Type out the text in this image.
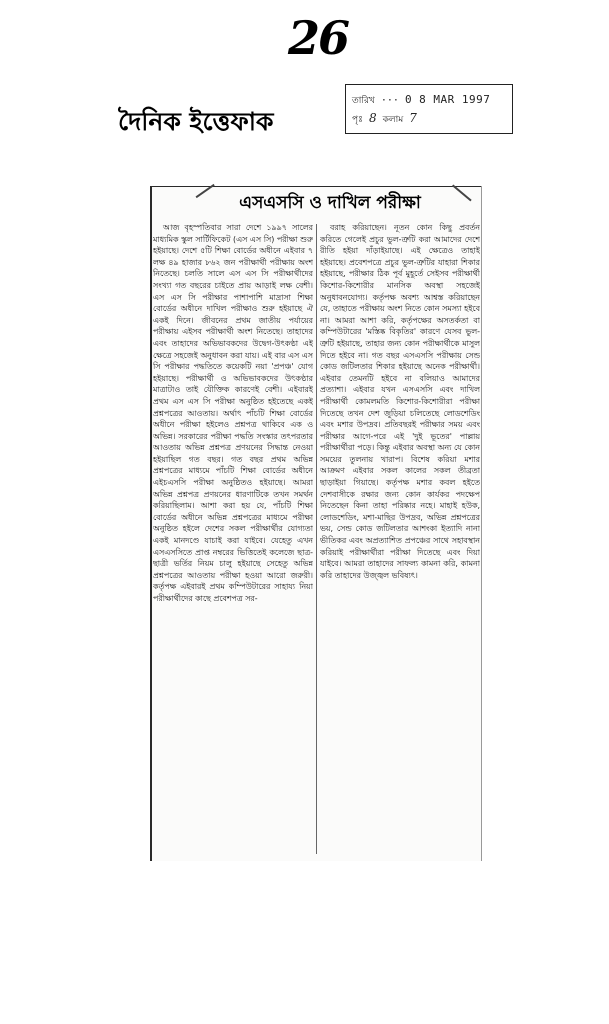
26
দৈনিক ইত্তেফাক
তারিখ ··· 0 8 MAR 1997
পৃঃ 8 কলাম 7
এসএসসি ও দাখিল পরীক্ষা

আজ বৃহস্পতিবার সারা দেশে ১৯৯৭ সালের মাধ্যমিক স্কুল সার্টিফিকেট (এস এস সি) পরীক্ষা শুরু হইয়াছে। দেশে ৫টি শিক্ষা বোর্ডের অধীনে এইবার ৭ লক্ষ ৪৯ হাজার ৮৬২ জন পরীক্ষার্থী পরীক্ষায় অংশ নিতেছে। চলতি সালে এস এস সি পরীক্ষার্থীদের সংখ্যা গত বছরের চাইতে প্রায় আড়াই লক্ষ বেশী। এস এস সি পরীক্ষার পাশাপাশি মাদ্রাসা শিক্ষা বোর্ডের অধীনে দাখিল পরীক্ষাও শুরু হইয়াছে ঐ একই দিনে। জীবনের প্রথম জাতীয় পর্যায়ের পরীক্ষায় এইসব পরীক্ষার্থী অংশ নিতেছে। তাহাদের এবং তাহাদের অভিভাবকদের উদ্বেগ-উৎকণ্ঠা এই ক্ষেত্রে সহজেই অনুধাবন করা যায়। এই বার এস এস সি পরীক্ষার পদ্ধতিতে কয়েকটি নয়া 'প্রপঞ্চ' যোগ হইয়াছে। পরীক্ষার্থী ও অভিভাবকদের উৎকণ্ঠার মাত্রাটাও তাই যৌক্তিক কারণেই বেশী। এইবারই প্রথম এস এস সি পরীক্ষা অনুষ্ঠিত হইতেছে একই প্রশ্নপত্রের আওতায়। অর্থাৎ পাঁচটি শিক্ষা বোর্ডের অধীনে পরীক্ষা হইলেও প্রশ্নপত্র থাকিবে এক ও অভিন্ন। সরকারের পরীক্ষা পদ্ধতি সংস্কার তৎপরতার আওতায় অভিন্ন প্রশ্নপত্র প্রণয়নের সিদ্ধান্ত নেওয়া হইয়াছিল গত বছর। গত বছর প্রথম অভিন্ন প্রশ্নপত্রের মাধ্যমে পাঁচটি শিক্ষা বোর্ডের অধীনে এইচএসসি পরীক্ষা অনুষ্ঠিতও হইয়াছে। আমরা অভিন্ন প্রশ্নপত্র প্রণয়নের ধারণাটিকে তখন সমর্থন করিয়াছিলাম। আশা করা হয় যে, পাঁচটি শিক্ষা বোর্ডের অধীনে অভিন্ন প্রশ্নপত্রের মাধ্যমে পরীক্ষা অনুষ্ঠিত হইলে দেশের সকল পরীক্ষার্থীর যোগ্যতা একই মানদণ্ডে যাচাই করা যাইবে। যেহেতু এখন এসএসসিতে প্রাপ্ত নম্বরের ভিত্তিতেই কলেজে ছাত্র-ছাত্রী ভর্তির নিয়ম চালু হইয়াছে সেহেতু অভিন্ন প্রশ্নপত্রের আওতায় পরীক্ষা হওয়া আরো জরুরী। কর্তৃপক্ষ এইবারই প্রথম কম্পিউটারের সাহায্য নিয়া পরীক্ষার্থীদের কাছে প্রবেশপত্র সর-

বরাহ করিয়াছেন। নূতন কোন কিছু প্রবর্তন করিতে গেলেই প্রচুর ভুল-ত্রুটি করা আমাদের দেশে রীতি হইয়া দাঁড়াইয়াছে। এই ক্ষেত্রেও তাহাই হইয়াছে। প্রবেশপত্রে প্রচুর ভুল-ত্রুটির যাহারা শিকার হইয়াছে, পরীক্ষার ঠিক পূর্ব মুহূর্তে সেইসব পরীক্ষার্থী কিশোর-কিশোরীর মানসিক অবস্থা সহজেই অনুধাবনযোগ্য। কর্তৃপক্ষ অবশ্য আশ্বস্ত করিয়াছেন যে, তাহাতে পরীক্ষায় অংশ নিতে কোন সমস্যা হইবে না। আমরা আশা করি, কর্তৃপক্ষের অসতর্কতা বা কম্পিউটারের 'মস্তিষ্ক বিকৃতির' কারণে যেসব ভুল-ত্রুটি হইয়াছে, তাহার জন্য কোন পরীক্ষার্থীকে মাসুল দিতে হইবে না। গত বছর এসএসসি পরীক্ষায় সেন্ড কোড জটিলতার শিকার হইয়াছে অনেক পরীক্ষার্থী। এইবার তেমনটি হইবে না বলিয়াও আমাদের প্রত্যাশা। এইবার যখন এসএসসি এবং দাখিল পরীক্ষার্থী কোমলমতি কিশোর-কিশোরীরা পরীক্ষা দিতেছে তখন দেশ জুড়িয়া চলিতেছে লোডশেডিং এবং মশার উপদ্রব। প্রতিবছরই পরীক্ষার সময় এবং পরীক্ষার আগে-পরে এই 'দুই ভূতের' পাল্লায় পরীক্ষার্থীরা পড়ে। কিন্তু এইবার অবস্থা অন্য যে কোন সময়ের তুলনায় খারাপ। বিশেষ করিয়া মশার আক্রমণ এইবার সকল কালের সকল তীব্রতা ছাড়াইয়া গিয়াছে। কর্তৃপক্ষ মশার কবল হইতে দেশবাসীকে রক্ষার জন্য কোন কার্যকর পদক্ষেপ নিতেছেন কিনা তাহা পরিষ্কার নহে। মাহাই হউক, লোডশেডিং, মশা-মাছির উপদ্রব, অভিন্ন প্রশ্নপত্রের ভয়, সেন্ড কোড জটিলতার আশংকা ইত্যাদি নানা ভীতিকর এবং অপ্রত্যাশিত প্রপঞ্চের সাথে সহাবস্থান করিয়াই পরীক্ষার্থীরা পরীক্ষা দিতেছে এবং দিয়া যাইবে। আমরা তাহাদের সাফল্য কামনা করি, কামনা করি তাহাদের উজ্জ্বল ভবিষ্যৎ।
